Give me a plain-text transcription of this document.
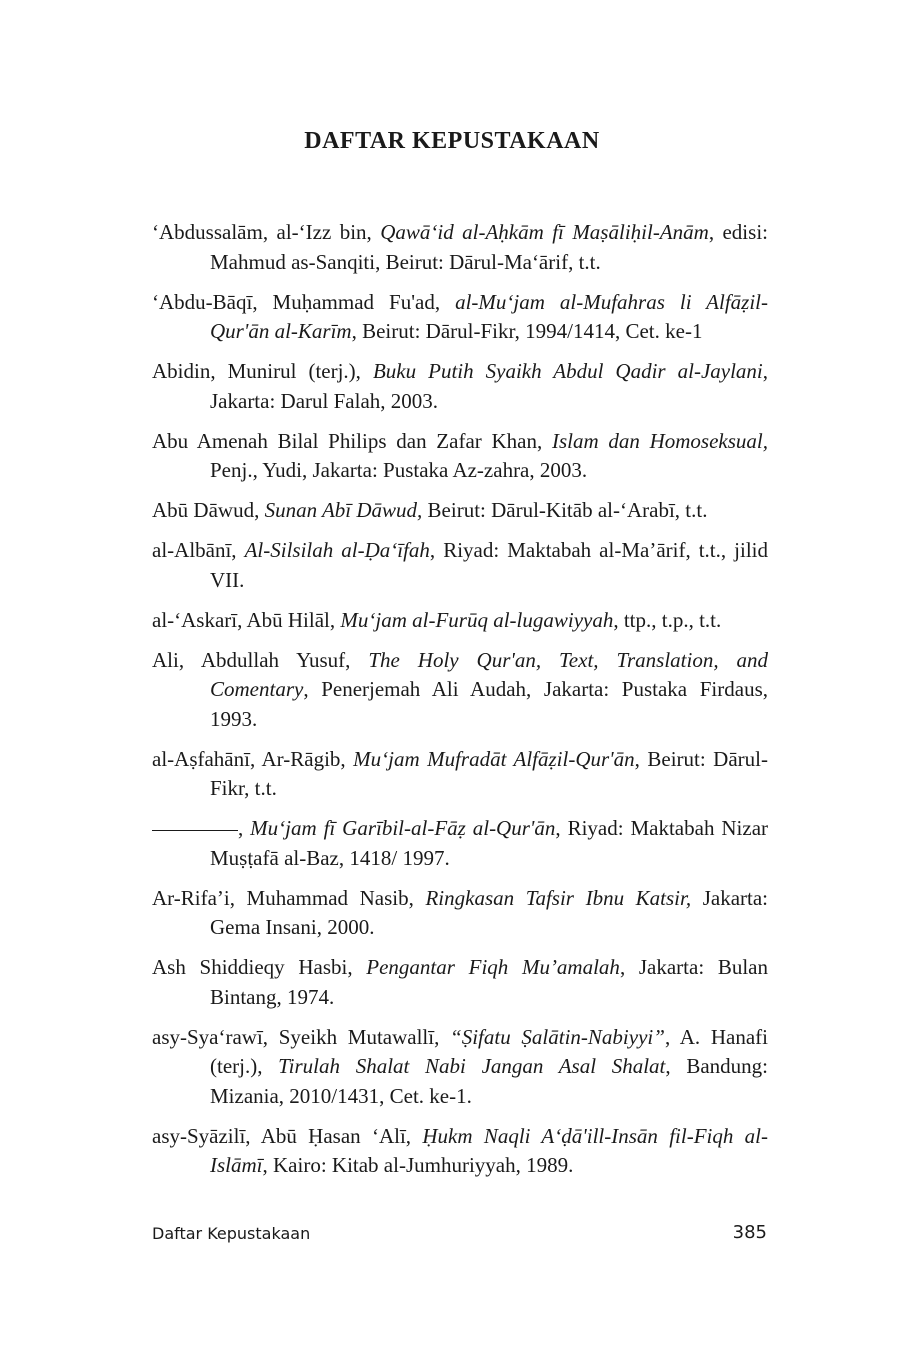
DAFTAR KEPUSTAKAAN

‘Abdussalām, al-‘Izz bin, Qawā‘id al-Aḥkām fī Maṣāliḥil-Anām, edisi: Mahmud as-Sanqiti, Beirut: Dārul-Ma‘ārif, t.t.

‘Abdu-Bāqī, Muḥammad Fu'ad, al-Mu‘jam al-Mufahras li Alfāẓil-Qur'ān al-Karīm, Beirut: Dārul-Fikr, 1994/1414, Cet. ke-1

Abidin, Munirul (terj.), Buku Putih Syaikh Abdul Qadir al-Jaylani, Jakarta: Darul Falah, 2003.

Abu Amenah Bilal Philips dan Zafar Khan, Islam dan Homoseksual, Penj., Yudi, Jakarta: Pustaka Az-zahra, 2003.

Abū Dāwud, Sunan Abī Dāwud, Beirut: Dārul-Kitāb al-‘Arabī, t.t.

al-Albānī, Al-Silsilah al-Ḍa‘īfah, Riyad: Maktabah al-Ma’ārif, t.t., jilid VII.

al-‘Askarī, Abū Hilāl, Mu‘jam al-Furūq al-lugawiyyah, ttp., t.p., t.t.

Ali, Abdullah Yusuf, The Holy Qur'an, Text, Translation, and Comentary, Penerjemah Ali Audah, Jakarta: Pustaka Firdaus, 1993.

al-Aṣfahānī, Ar-Rāgib, Mu‘jam Mufradāt Alfāẓil-Qur'ān, Beirut: Dārul-Fikr, t.t.

, Mu‘jam fī Garībil-al-Fāẓ al-Qur'ān, Riyad: Maktabah Nizar Muṣṭafā al-Baz, 1418/ 1997.

Ar-Rifa’i, Muhammad Nasib, Ringkasan Tafsir Ibnu Katsir, Jakarta: Gema Insani, 2000.

Ash Shiddieqy Hasbi, Pengantar Fiqh Mu’amalah, Jakarta: Bulan Bintang, 1974.

asy-Sya‘rawī, Syeikh Mutawallī, “Ṣifatu Ṣalātin-Nabiyyi”, A. Hanafi (terj.), Tirulah Shalat Nabi Jangan Asal Shalat, Bandung: Mizania, 2010/1431, Cet. ke-1.

asy-Syāzilī, Abū Ḥasan ‘Alī, Ḥukm Naqli A‘ḍā'ill-Insān fil-Fiqh al-Islāmī, Kairo: Kitab al-Jumhuriyyah, 1989.

Daftar Kepustakaan	385
